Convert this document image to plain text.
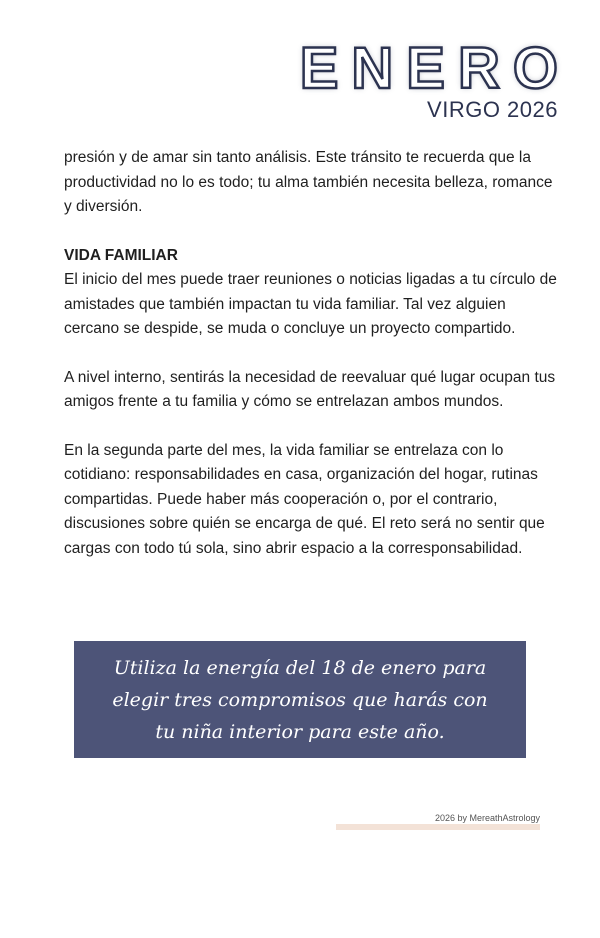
ENERO
VIRGO 2026

presión y de amar sin tanto análisis. Este tránsito te recuerda que la productividad no lo es todo; tu alma también necesita belleza, romance y diversión.

VIDA FAMILIAR

El inicio del mes puede traer reuniones o noticias ligadas a tu círculo de amistades que también impactan tu vida familiar. Tal vez alguien cercano se despide, se muda o concluye un proyecto compartido.

A nivel interno, sentirás la necesidad de reevaluar qué lugar ocupan tus amigos frente a tu familia y cómo se entrelazan ambos mundos.

En la segunda parte del mes, la vida familiar se entrelaza con lo cotidiano: responsabilidades en casa, organización del hogar, rutinas compartidas. Puede haber más cooperación o, por el contrario, discusiones sobre quién se encarga de qué. El reto será no sentir que cargas con todo tú sola, sino abrir espacio a la corresponsabilidad.

Utiliza la energía del 18 de enero para elegir tres compromisos que harás con tu niña interior para este año.
2026 by MereathAstrology
